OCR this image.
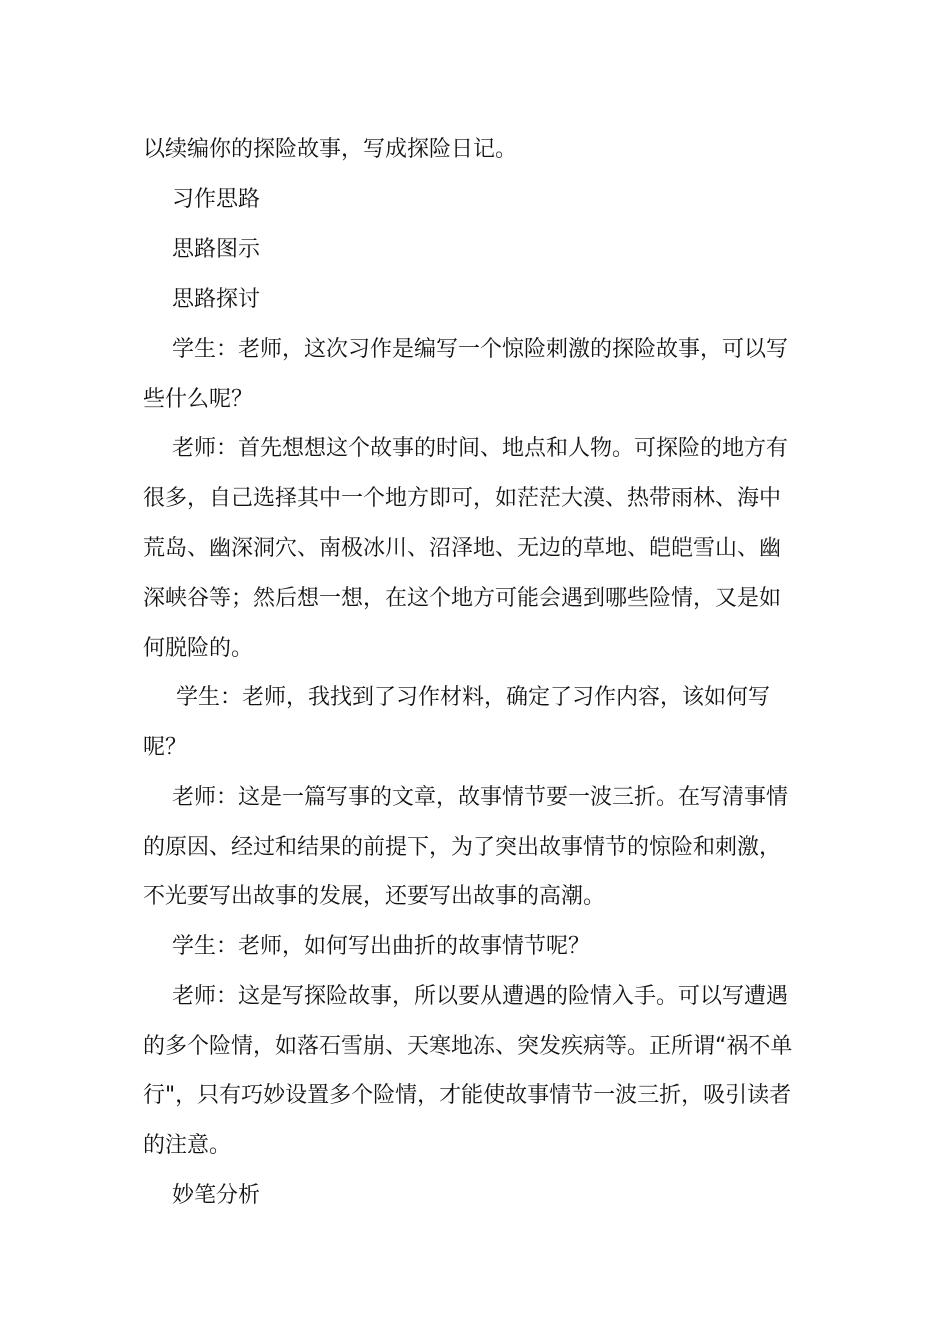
以续编你的探险故事，写成探险日记。
习作思路
思路图示
思路探讨
学生：老师，这次习作是编写一个惊险刺激的探险故事，可以写
些什么呢？
老师：首先想想这个故事的时间、地点和人物。可探险的地方有
很多，自己选择其中一个地方即可，如茫茫大漠、热带雨林、海中
荒岛、幽深洞穴、南极冰川、沼泽地、无边的草地、皑皑雪山、幽
深峡谷等；然后想一想，在这个地方可能会遇到哪些险情，又是如
何脱险的。
学生：老师，我找到了习作材料，确定了习作内容，该如何写
呢？
老师：这是一篇写事的文章，故事情节要一波三折。在写清事情
的原因、经过和结果的前提下，为了突出故事情节的惊险和刺激，
不光要写出故事的发展，还要写出故事的高潮。
学生：老师，如何写出曲折的故事情节呢？
老师：这是写探险故事，所以要从遭遇的险情入手。可以写遭遇
的多个险情，如落石雪崩、天寒地冻、突发疾病等。正所谓“祸不单
行"，只有巧妙设置多个险情，才能使故事情节一波三折，吸引读者
的注意。
妙笔分析
